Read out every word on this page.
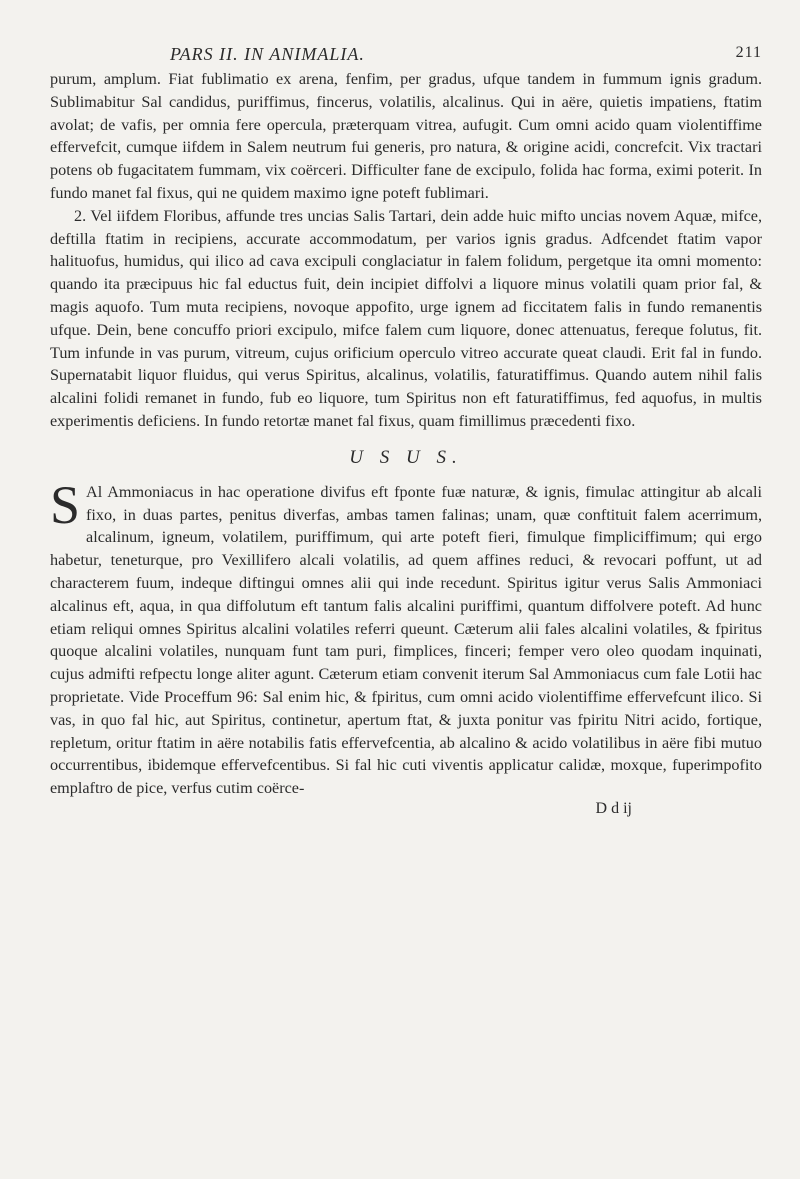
PARS II. IN ANIMALIA.	211

purum, amplum. Fiat fublimatio ex arena, fenfim, per gradus, ufque tandem in fummum ignis gradum. Sublimabitur Sal candidus, puriffimus, fincerus, volatilis, alcalinus. Qui in aëre, quietis impatiens, ftatim avolat; de vafis, per omnia fere opercula, præterquam vitrea, aufugit. Cum omni acido quam violentiffime effervefcit, cumque iifdem in Salem neutrum fui generis, pro natura, & origine acidi, concrefcit. Vix tractari potens ob fugacitatem fummam, vix coërceri. Difficulter fane de excipulo, folida hac forma, eximi poterit. In fundo manet fal fixus, qui ne quidem maximo igne poteft fublimari.

2. Vel iifdem Floribus, affunde tres uncias Salis Tartari, dein adde huic mifto uncias novem Aquæ, mifce, deftilla ftatim in recipiens, accurate accommodatum, per varios ignis gradus. Adfcendet ftatim vapor halituofus, humidus, qui ilico ad cava excipuli conglaciatur in falem folidum, pergetque ita omni momento: quando ita præcipuus hic fal eductus fuit, dein incipiet diffolvi a liquore minus volatili quam prior fal, & magis aquofo. Tum muta recipiens, novoque appofito, urge ignem ad ficcitatem falis in fundo remanentis ufque. Dein, bene concuffo priori excipulo, mifce falem cum liquore, donec attenuatus, fereque folutus, fit. Tum infunde in vas purum, vitreum, cujus orificium operculo vitreo accurate queat claudi. Erit fal in fundo. Supernatabit liquor fluidus, qui verus Spiritus, alcalinus, volatilis, faturatiffimus. Quando autem nihil falis alcalini folidi remanet in fundo, fub eo liquore, tum Spiritus non eft faturatiffimus, fed aquofus, in multis experimentis deficiens. In fundo retortæ manet fal fixus, quam fimillimus præcedenti fixo.

U S U S.

S Al Ammoniacus in hac operatione divifus eft fponte fuæ naturæ, & ignis, fimulac attingitur ab alcali fixo, in duas partes, penitus diverfas, ambas tamen falinas; unam, quæ conftituit falem acerrimum, alcalinum, igneum, volatilem, puriffimum, qui arte poteft fieri, fimulque fimpliciffimum; qui ergo habetur, teneturque, pro Vexillifero alcali volatilis, ad quem affines reduci, & revocari poffunt, ut ad characterem fuum, indeque diftingui omnes alii qui inde recedunt. Spiritus igitur verus Salis Ammoniaci alcalinus eft, aqua, in qua diffolutum eft tantum falis alcalini puriffimi, quantum diffolvere poteft. Ad hunc etiam reliqui omnes Spiritus alcalini volatiles referri queunt. Cæterum alii fales alcalini volatiles, & fpiritus quoque alcalini volatiles, nunquam funt tam puri, fimplices, finceri; femper vero oleo quodam inquinati, cujus admifti refpectu longe aliter agunt. Cæterum etiam convenit iterum Sal Ammoniacus cum fale Lotii hac proprietate. Vide Proceffum 96: Sal enim hic, & fpiritus, cum omni acido violentiffime effervefcunt ilico. Si vas, in quo fal hic, aut Spiritus, continetur, apertum ftat, & juxta ponitur vas fpiritu Nitri acido, fortique, repletum, oritur ftatim in aëre notabilis fatis effervefcentia, ab alcalino & acido volatilibus in aëre fibi mutuo occurrentibus, ibidemque effervefcentibus. Si fal hic cuti viventis applicatur calidæ, moxque, fuperimpofito emplaftro de pice, verfus cutim coërce-

D d ij
